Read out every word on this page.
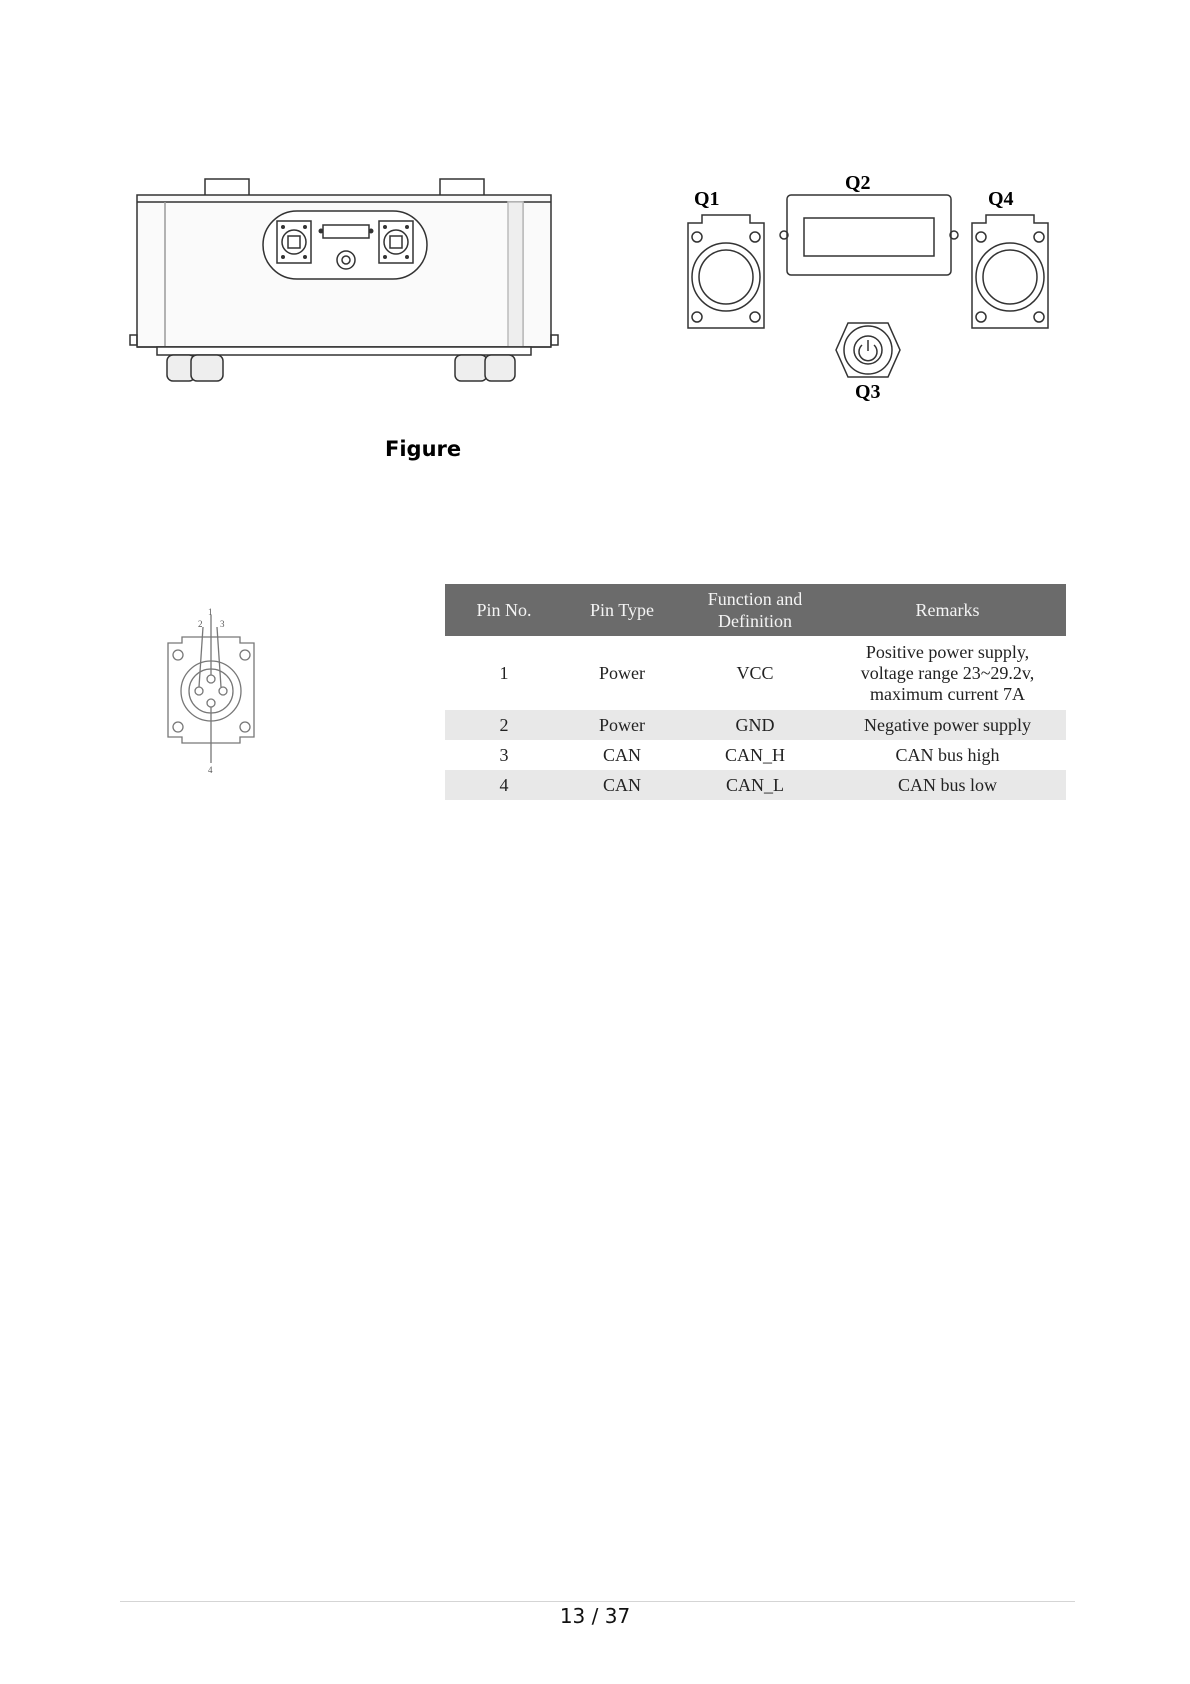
Q1
Q2
Q4
Q3
Figure
1
2 3
4
Pin No.	Pin Type	Function and Definition	Remarks
1	Power	VCC	Positive power supply, voltage range 23~29.2v, maximum current 7A
2	Power	GND	Negative power supply
3	CAN	CAN_H	CAN bus high
4	CAN	CAN_L	CAN bus low
13 / 37
